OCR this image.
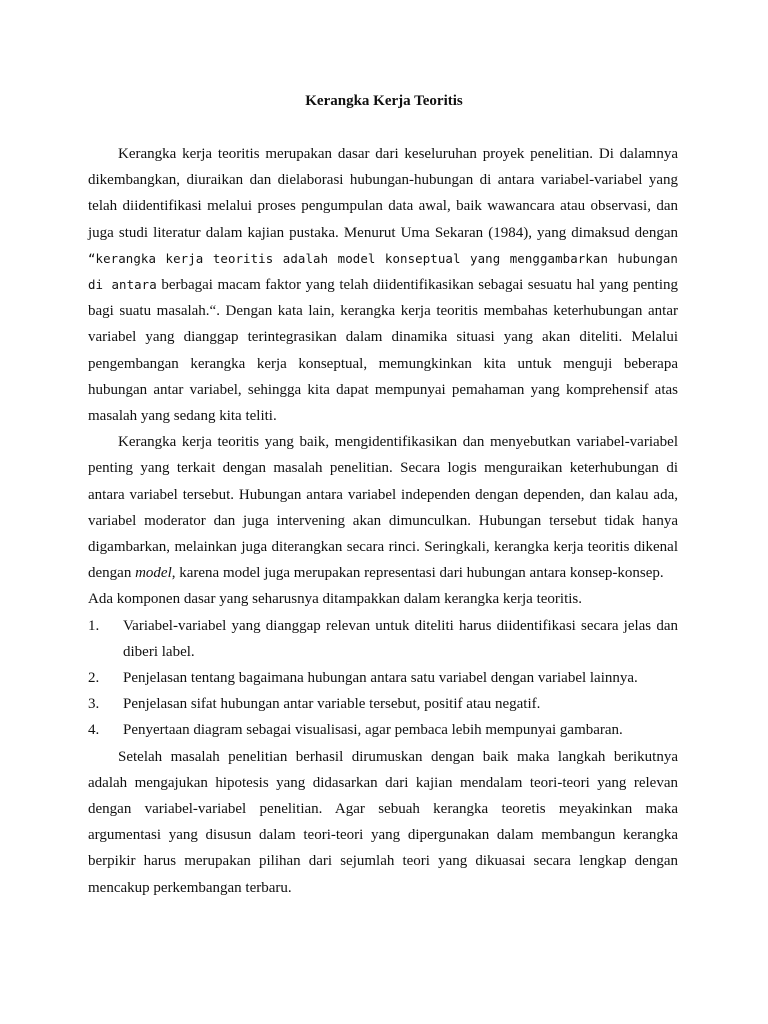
Kerangka Kerja Teoritis

Kerangka kerja teoritis merupakan dasar dari keseluruhan proyek penelitian. Di dalamnya dikembangkan, diuraikan dan dielaborasi hubungan-hubungan di antara variabel-variabel yang telah diidentifikasi melalui proses pengumpulan data awal, baik wawancara atau observasi, dan juga studi literatur dalam kajian pustaka. Menurut Uma Sekaran (1984), yang dimaksud dengan “kerangka kerja teoritis adalah model konseptual yang menggambarkan hubungan di antara berbagai macam faktor yang telah diidentifikasikan sebagai sesuatu hal yang penting bagi suatu masalah.“. Dengan kata lain, kerangka kerja teoritis membahas keterhubungan antar variabel yang dianggap terintegrasikan dalam dinamika situasi yang akan diteliti. Melalui pengembangan kerangka kerja konseptual, memungkinkan kita untuk menguji beberapa hubungan antar variabel, sehingga kita dapat mempunyai pemahaman yang komprehensif atas masalah yang sedang kita teliti.

Kerangka kerja teoritis yang baik, mengidentifikasikan dan menyebutkan variabel-variabel penting yang terkait dengan masalah penelitian. Secara logis menguraikan keterhubungan di antara variabel tersebut. Hubungan antara variabel independen dengan dependen, dan kalau ada, variabel moderator dan juga intervening akan dimunculkan. Hubungan tersebut tidak hanya digambarkan, melainkan juga diterangkan secara rinci. Seringkali, kerangka kerja teoritis dikenal dengan model, karena model juga merupakan representasi dari hubungan antara konsep-konsep.

Ada komponen dasar yang seharusnya ditampakkan dalam kerangka kerja teoritis.

1.	Variabel-variabel yang dianggap relevan untuk diteliti harus diidentifikasi secara jelas dan diberi label.
2.	Penjelasan tentang bagaimana hubungan antara satu variabel dengan variabel lainnya.
3.	Penjelasan sifat hubungan antar variable tersebut, positif atau negatif.
4.	Penyertaan diagram sebagai visualisasi, agar pembaca lebih mempunyai gambaran.

Setelah masalah penelitian berhasil dirumuskan dengan baik maka langkah berikutnya adalah mengajukan hipotesis yang didasarkan dari kajian mendalam teori-teori yang relevan dengan variabel-variabel penelitian. Agar sebuah kerangka teoretis meyakinkan maka argumentasi yang disusun dalam teori-teori yang dipergunakan dalam membangun kerangka berpikir harus merupakan pilihan dari sejumlah teori yang dikuasai secara lengkap dengan mencakup perkembangan terbaru.
